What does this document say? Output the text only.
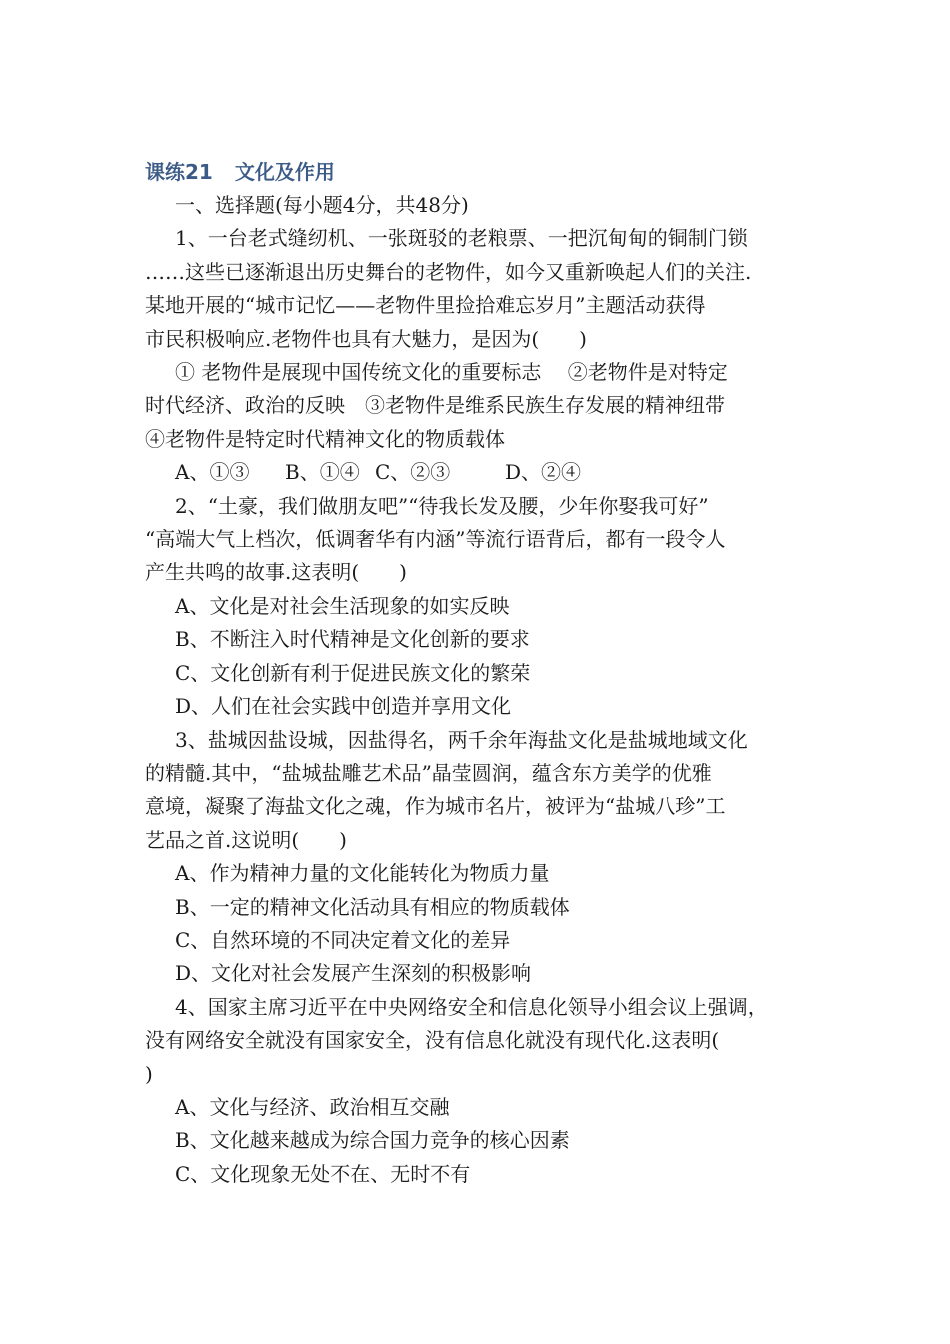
课练21 文化及作用
一、选择题(每小题4分，共48分)
1、一台老式缝纫机、一张斑驳的老粮票、一把沉甸甸的铜制门锁
……这些已逐渐退出历史舞台的老物件，如今又重新唤起人们的关注.
某地开展的“城市记忆——老物件里捡拾难忘岁月”主题活动获得
市民积极响应.老物件也具有大魅力，是因为(　　)
① 老物件是展现中国传统文化的重要标志　 ②老物件是对特定
时代经济、政治的反映　③老物件是维系民族生存发展的精神纽带
④老物件是特定时代精神文化的物质载体
A、①③ B、①④ C、②③	D、②④
2、“土豪，我们做朋友吧”“待我长发及腰，少年你娶我可好”
“高端大气上档次，低调奢华有内涵”等流行语背后，都有一段令人
产生共鸣的故事.这表明(　　)
A、文化是对社会生活现象的如实反映
B、不断注入时代精神是文化创新的要求
C、文化创新有利于促进民族文化的繁荣
D、人们在社会实践中创造并享用文化
3、盐城因盐设城，因盐得名，两千余年海盐文化是盐城地域文化
的精髓.其中，“盐城盐雕艺术品”晶莹圆润，蕴含东方美学的优雅
意境，凝聚了海盐文化之魂，作为城市名片，被评为“盐城八珍”工
艺品之首.这说明(　　)
A、作为精神力量的文化能转化为物质力量
B、一定的精神文化活动具有相应的物质载体
C、自然环境的不同决定着文化的差异
D、文化对社会发展产生深刻的积极影响
4、国家主席习近平在中央网络安全和信息化领导小组会议上强调，
没有网络安全就没有国家安全，没有信息化就没有现代化.这表明(
)
A、文化与经济、政治相互交融
B、文化越来越成为综合国力竞争的核心因素
C、文化现象无处不在、无时不有
